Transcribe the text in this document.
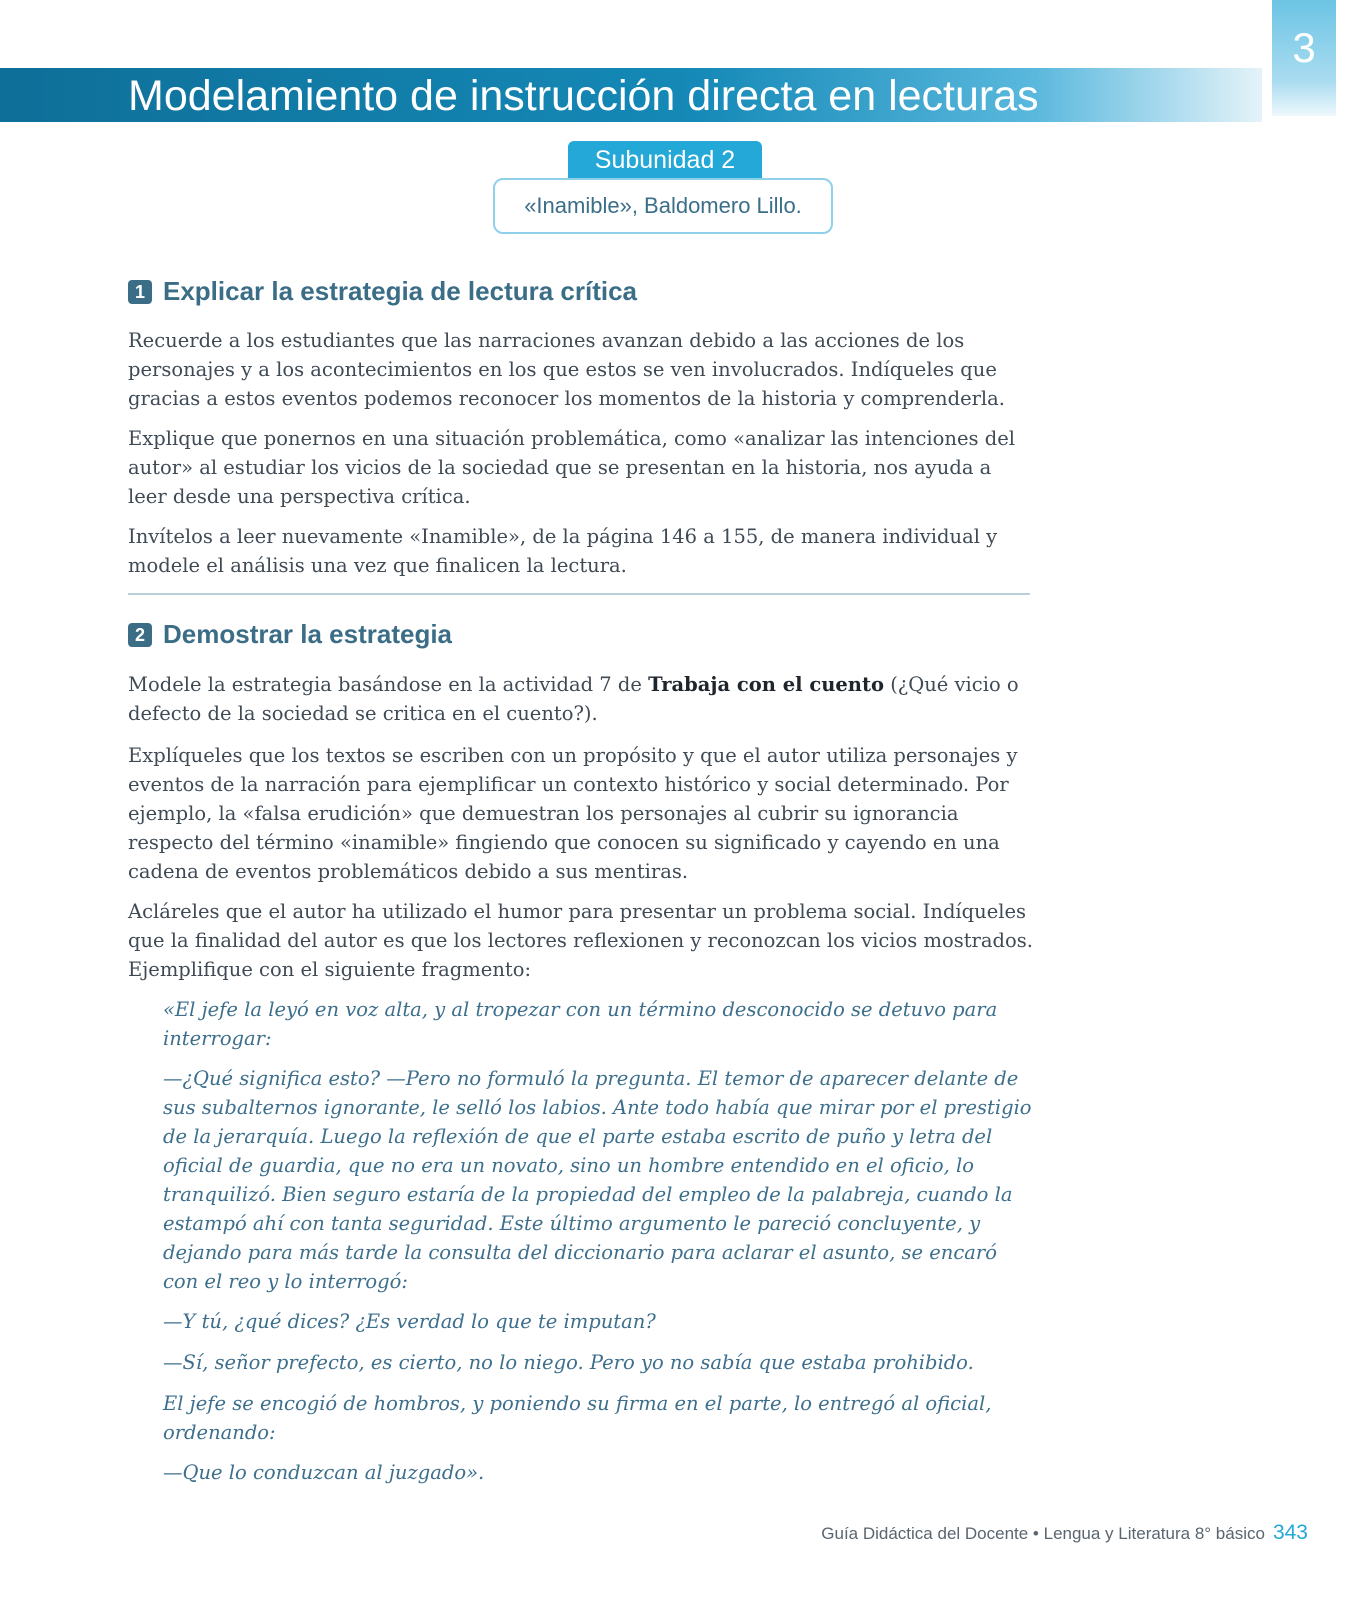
3
Modelamiento de instrucción directa en lecturas
Subunidad 2
«Inamible», Baldomero Lillo.
1 Explicar la estrategia de lectura crítica

Recuerde a los estudiantes que las narraciones avanzan debido a las acciones de los personajes y a los acontecimientos en los que estos se ven involucrados. Indíqueles que gracias a estos eventos podemos reconocer los momentos de la historia y comprenderla.

Explique que ponernos en una situación problemática, como «analizar las intenciones del autor» al estudiar los vicios de la sociedad que se presentan en la historia, nos ayuda a leer desde una perspectiva crítica.

Invítelos a leer nuevamente «Inamible», de la página 146 a 155, de manera individual y modele el análisis una vez que finalicen la lectura.

2 Demostrar la estrategia

Modele la estrategia basándose en la actividad 7 de Trabaja con el cuento (¿Qué vicio o defecto de la sociedad se critica en el cuento?).

Explíqueles que los textos se escriben con un propósito y que el autor utiliza personajes y eventos de la narración para ejemplificar un contexto histórico y social determinado. Por ejemplo, la «falsa erudición» que demuestran los personajes al cubrir su ignorancia respecto del término «inamible» fingiendo que conocen su significado y cayendo en una cadena de eventos problemáticos debido a sus mentiras.

Acláreles que el autor ha utilizado el humor para presentar un problema social. Indíqueles que la finalidad del autor es que los lectores reflexionen y reconozcan los vicios mostrados. Ejemplifique con el siguiente fragmento:

«El jefe la leyó en voz alta, y al tropezar con un término desconocido se detuvo para interrogar:

—¿Qué significa esto? —Pero no formuló la pregunta. El temor de aparecer delante de sus subalternos ignorante, le selló los labios. Ante todo había que mirar por el prestigio de la jerarquía. Luego la reflexión de que el parte estaba escrito de puño y letra del oficial de guardia, que no era un novato, sino un hombre entendido en el oficio, lo tranquilizó. Bien seguro estaría de la propiedad del empleo de la palabreja, cuando la estampó ahí con tanta seguridad. Este último argumento le pareció concluyente, y dejando para más tarde la consulta del diccionario para aclarar el asunto, se encaró con el reo y lo interrogó:

—Y tú, ¿qué dices? ¿Es verdad lo que te imputan?

—Sí, señor prefecto, es cierto, no lo niego. Pero yo no sabía que estaba prohibido.

El jefe se encogió de hombros, y poniendo su firma en el parte, lo entregó al oficial, ordenando:

—Que lo conduzcan al juzgado».

Guía Didáctica del Docente • Lengua y Literatura 8° básico 343
